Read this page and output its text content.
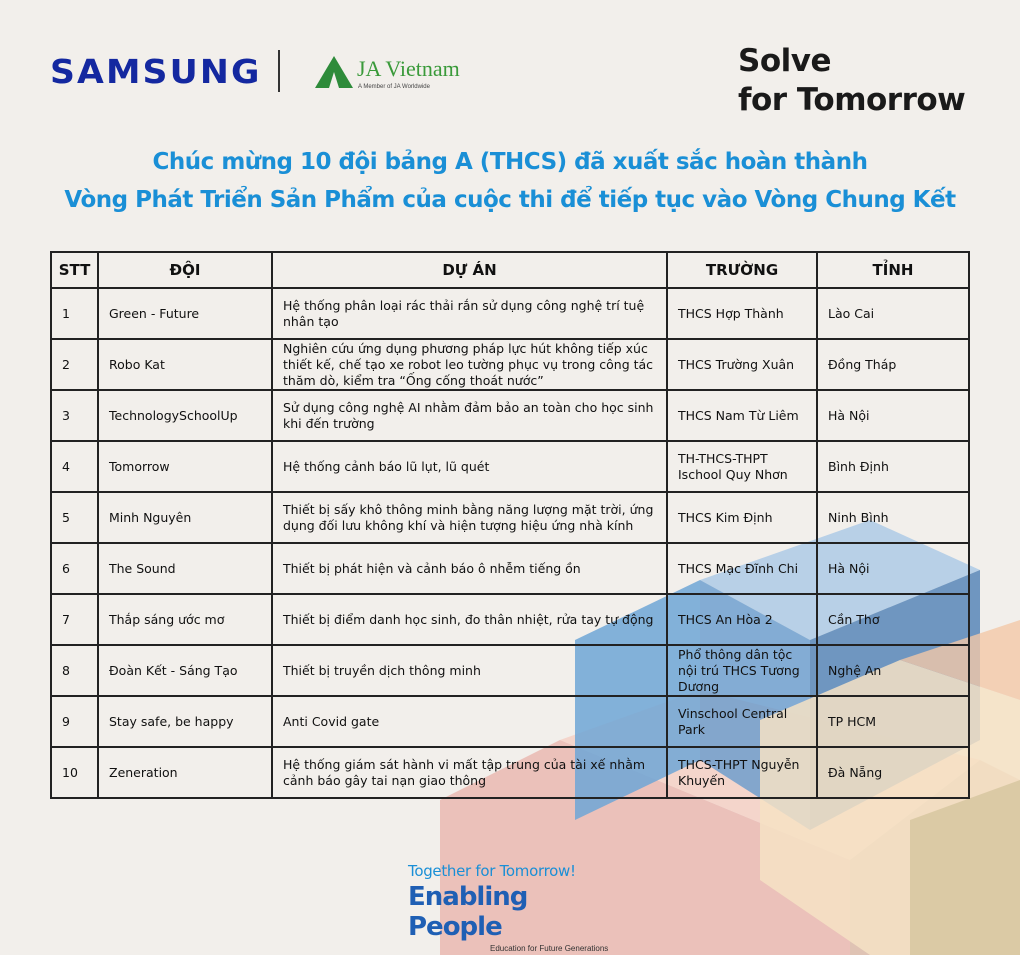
SAMSUNG	JA Vietnam
A Member of JA Worldwide
Solve
for Tomorrow
Chúc mừng 10 đội bảng A (THCS) đã xuất sắc hoàn thành
Vòng Phát Triển Sản Phẩm của cuộc thi để tiếp tục vào Vòng Chung Kết
STT	ĐỘI	DỰ ÁN	TRƯỜNG	TỈNH
1	Green - Future	Hệ thống phân loại rác thải rắn sử dụng công nghệ trí tuệ nhân tạo	THCS Hợp Thành	Lào Cai
2	Robo Kat	Nghiên cứu ứng dụng phương pháp lực hút không tiếp xúc thiết kế, chế tạo xe robot leo tường phục vụ trong công tác thăm dò, kiểm tra “Ống cống thoát nước”	THCS Trường Xuân	Đồng Tháp
3	TechnologySchoolUp	Sử dụng công nghệ AI nhằm đảm bảo an toàn cho học sinh khi đến trường	THCS Nam Từ Liêm	Hà Nội
4	Tomorrow	Hệ thống cảnh báo lũ lụt, lũ quét	TH-THCS-THPT Ischool Quy Nhơn	Bình Định
5	Minh Nguyên	Thiết bị sấy khô thông minh bằng năng lượng mặt trời, ứng dụng đối lưu không khí và hiện tượng hiệu ứng nhà kính	THCS Kim Định	Ninh Bình
6	The Sound	Thiết bị phát hiện và cảnh báo ô nhễm tiếng ồn	THCS Mạc Đĩnh Chi	Hà Nội
7	Thắp sáng ước mơ	Thiết bị điểm danh học sinh, đo thân nhiệt, rửa tay tự động	THCS An Hòa 2	Cần Thơ
8	Đoàn Kết - Sáng Tạo	Thiết bị truyền dịch thông minh	Phổ thông dân tộc nội trú THCS Tương Dương	Nghệ An
9	Stay safe, be happy	Anti Covid gate	Vinschool Central Park	TP HCM
10	Zeneration	Hệ thống giám sát hành vi mất tập trung của tài xế nhằm cảnh báo gây tai nạn giao thông	THCS-THPT Nguyễn Khuyến	Đà Nẵng
Together for Tomorrow!
Enabling People
Education for Future Generations
